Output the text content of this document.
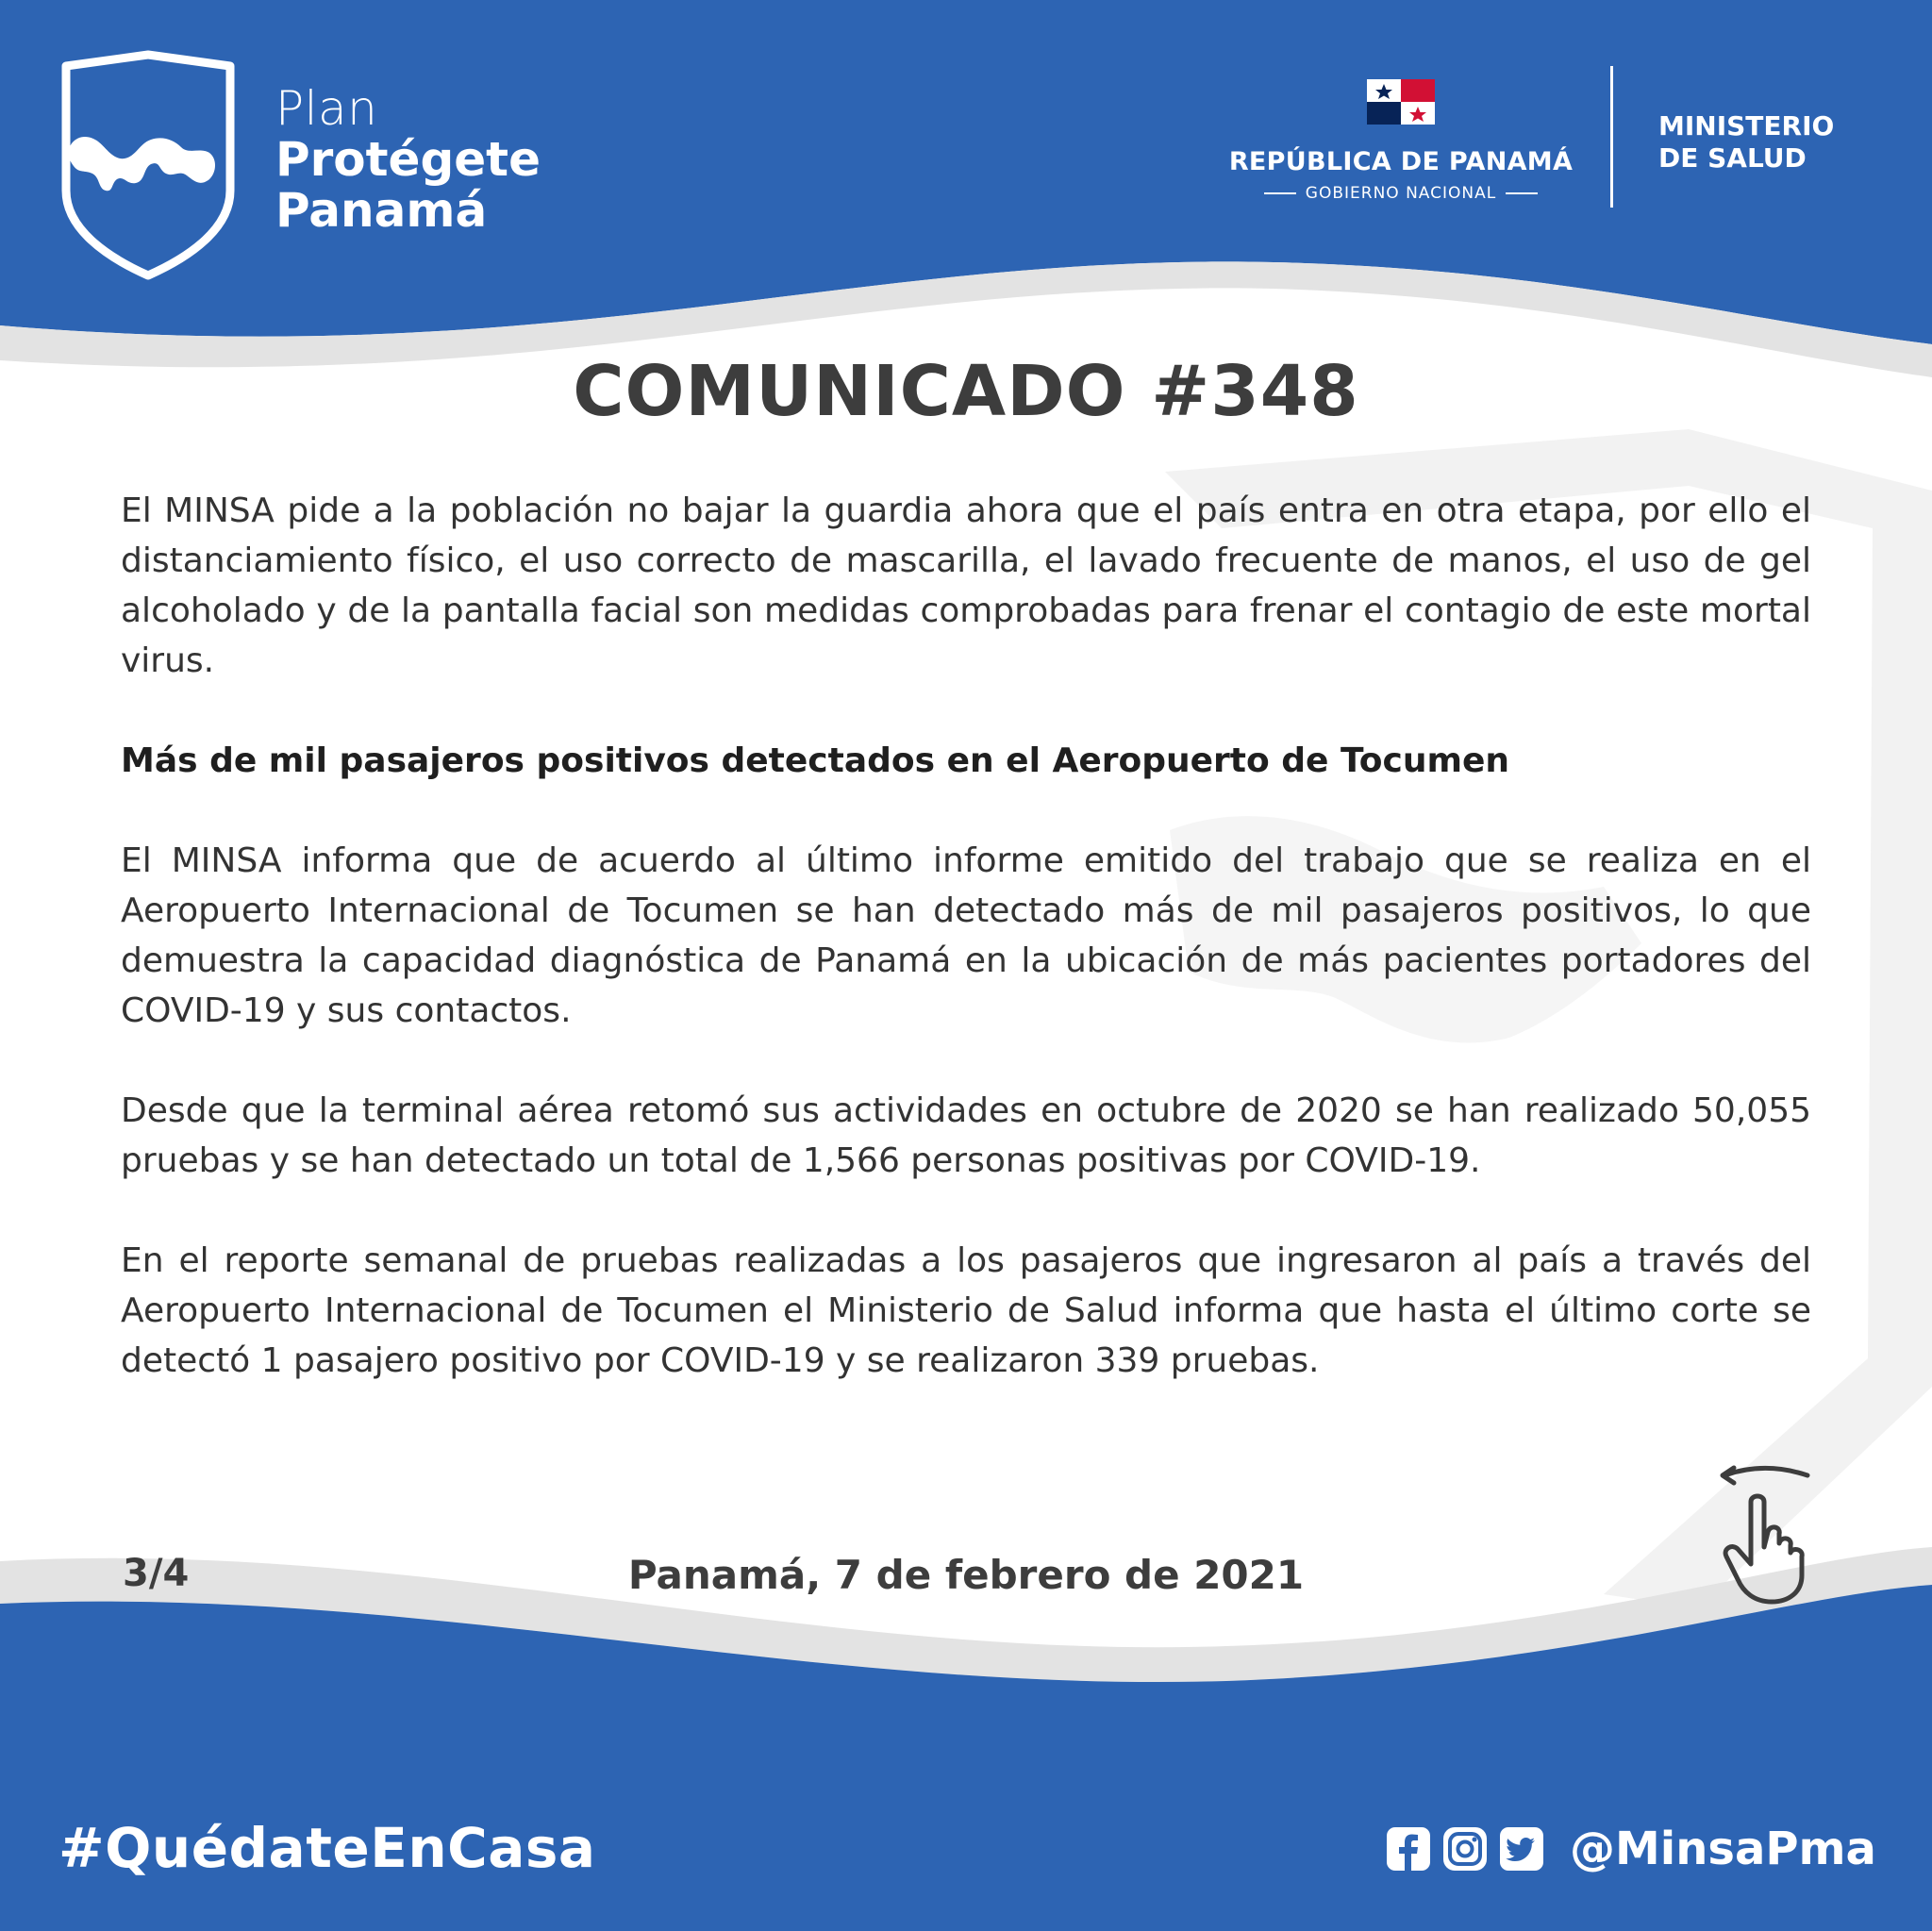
Plan
Protégete
Panamá
REPÚBLICA DE PANAMÁ
GOBIERNO NACIONAL
MINISTERIO
DE SALUD
COMUNICADO #348

El MINSA pide a la población no bajar la guardia ahora que el país entra en otra etapa, por ello el distanciamiento físico, el uso correcto de mascarilla, el lavado frecuente de manos, el uso de gel alcoholado y de la pantalla facial son medidas comprobadas para frenar el contagio de este mortal virus.

Más de mil pasajeros positivos detectados en el Aeropuerto de Tocumen

El MINSA informa que de acuerdo al último informe emitido del trabajo que se realiza en el Aeropuerto Internacional de Tocumen se han detectado más de mil pasajeros positivos, lo que demuestra la capacidad diagnóstica de Panamá en la ubicación de más pacientes portadores del COVID-19 y sus contactos.

Desde que la terminal aérea retomó sus actividades en octubre de 2020 se han realizado 50,055 pruebas y se han detectado un total de 1,566 personas positivas por COVID-19.

En el reporte semanal de pruebas realizadas a los pasajeros que ingresaron al país a través del Aeropuerto Internacional de Tocumen el Ministerio de Salud informa que hasta el último corte se detectó 1 pasajero positivo por COVID-19 y se realizaron 339 pruebas.

3/4	Panamá, 7 de febrero de 2021
#QuédateEnCasa	@MinsaPma
